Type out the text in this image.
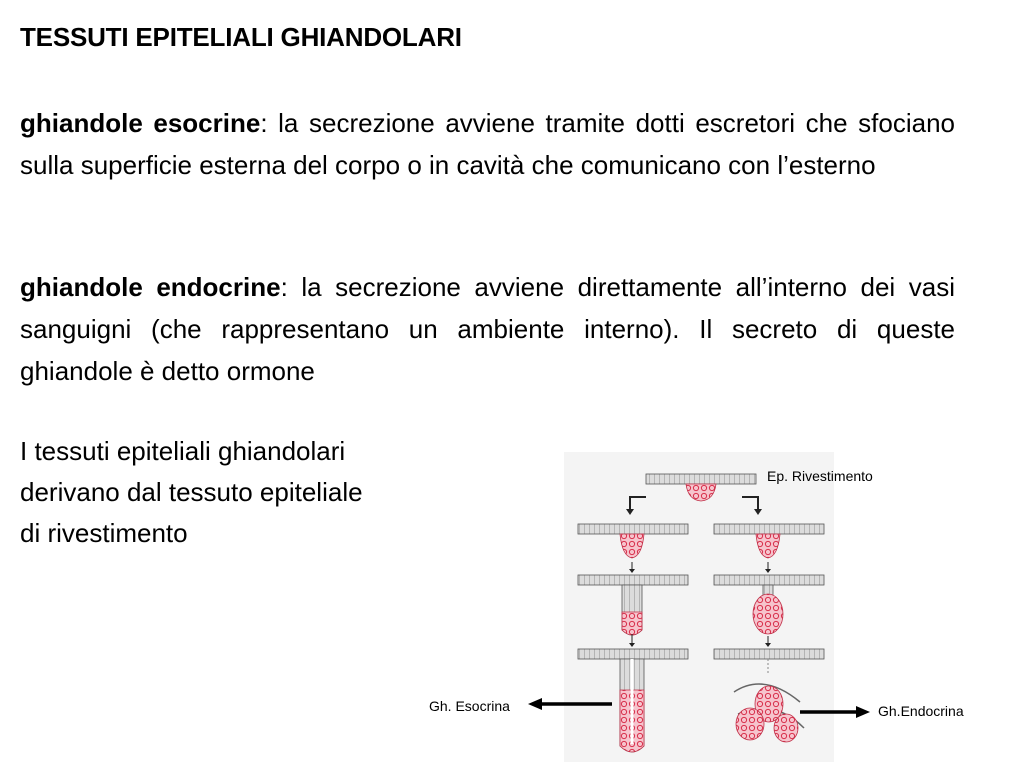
TESSUTI EPITELIALI GHIANDOLARI
ghiandole esocrine: la secrezione avviene tramite dotti escretori che sfociano sulla superficie esterna del corpo o in cavità che comunicano con l’esterno
ghiandole endocrine: la secrezione avviene direttamente all’interno dei vasi sanguigni (che rappresentano un ambiente interno). Il secreto di queste ghiandole è detto ormone
I tessuti epiteliali ghiandolari
derivano dal tessuto epiteliale
di rivestimento
Ep. Rivestimento
Gh. Esocrina	Gh.Endocrina
